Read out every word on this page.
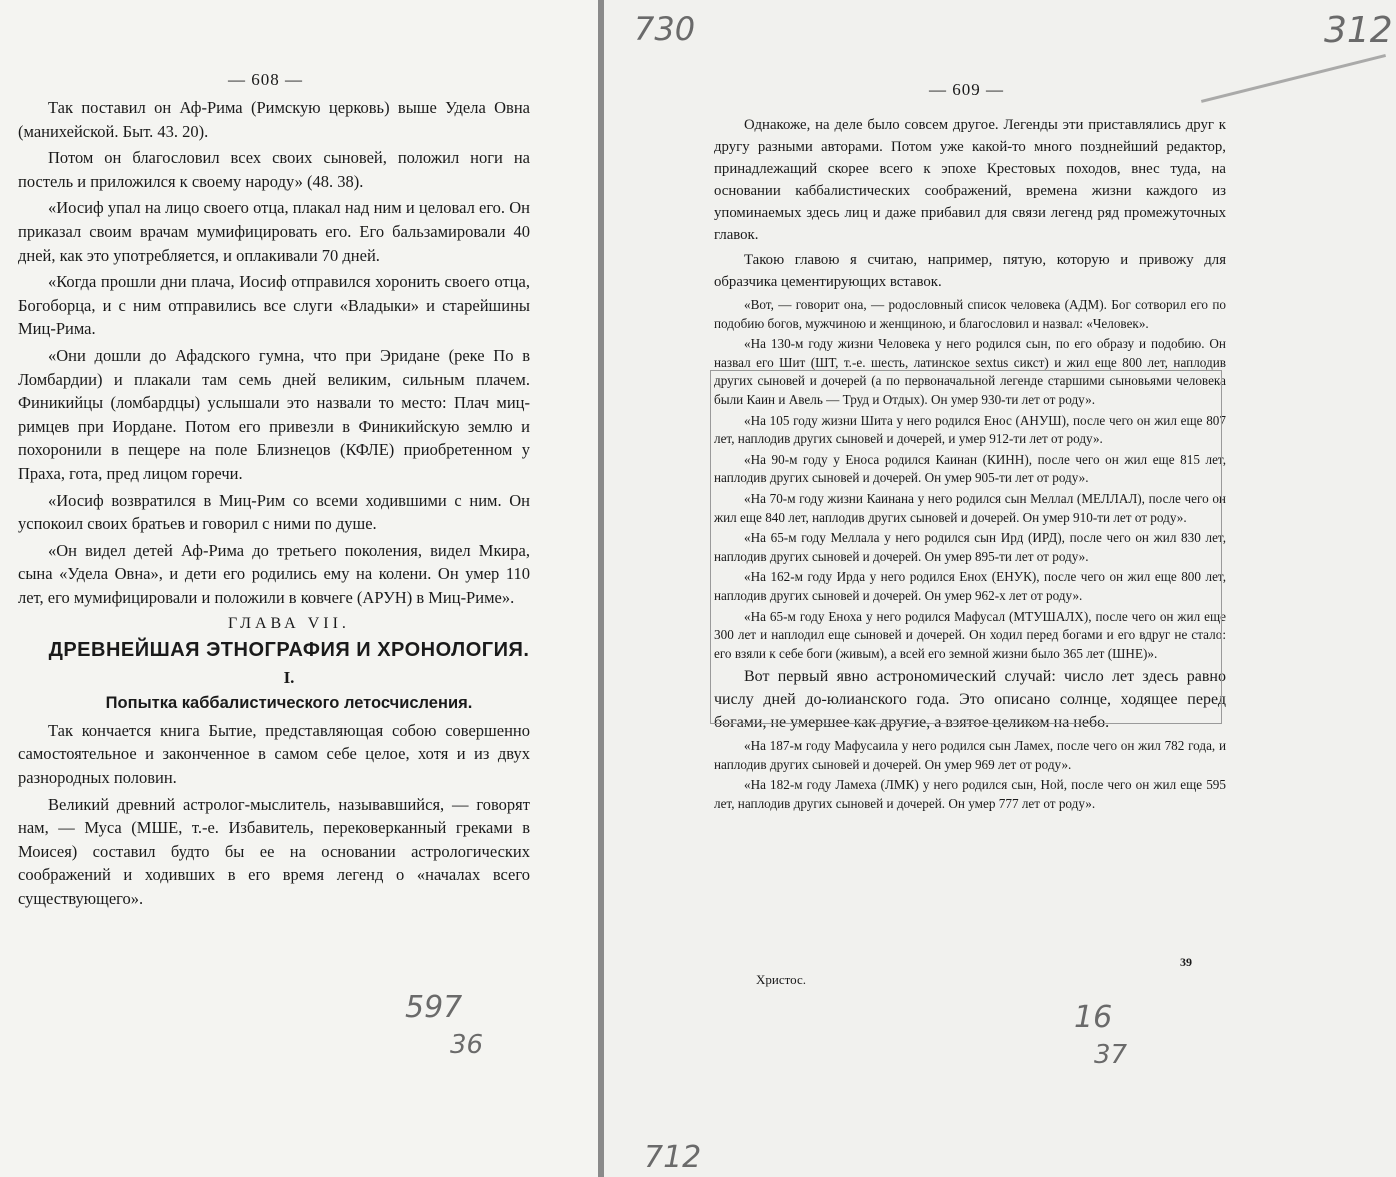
— 608 —

Так поставил он Аф-Рима (Римскую церковь) выше Удела Овна (манихейской. Быт. 43. 20).

Потом он благословил всех своих сыновей, положил ноги на постель и приложился к своему народу» (48. 38).

«Иосиф упал на лицо своего отца, плакал над ним и целовал его. Он приказал своим врачам мумифицировать его. Его бальзамировали 40 дней, как это употребляется, и оплакивали 70 дней.

«Когда прошли дни плача, Иосиф отправился хоронить своего отца, Богоборца, и с ним отправились все слуги «Владыки» и старейшины Миц-Рима.

«Они дошли до Афадского гумна, что при Эридане (реке По в Ломбардии) и плакали там семь дней великим, сильным плачем. Финикийцы (ломбардцы) услышали это назвали то место: Плач миц-римцев при Иордане. Потом его привезли в Финикийскую землю и похоронили в пещере на поле Близнецов (КФЛЕ) приобретенном у Праха, гота, пред лицом горечи.

«Иосиф возвратился в Миц-Рим со всеми ходившими с ним. Он успокоил своих братьев и говорил с ними по душе.

«Он видел детей Аф-Рима до третьего поколения, видел Мкира, сына «Удела Овна», и дети его родились ему на колени. Он умер 110 лет, его мумифицировали и положили в ковчеге (АРУН) в Миц-Риме».

ГЛАВА VII.

ДРЕВНЕЙШАЯ ЭТНОГРАФИЯ И ХРОНОЛОГИЯ.

I.

Попытка каббалистического летосчисления.

Так кончается книга Бытие, представляющая собою совершенно самостоятельное и законченное в самом себе целое, хотя и из двух разнородных половин.

Великий древний астролог-мыслитель, называвшийся, — говорят нам, — Муса (МШЕ, т.-е. Избавитель, перековерканный греками в Моисея) составил будто бы ее на основании астрологических соображений и ходивших в его время легенд о «началах всего существующего».

597
36
— 609 —
730	312

Однакоже, на деле было совсем другое. Легенды эти приставлялись друг к другу разными авторами. Потом уже какой-то много позднейший редактор, принадлежащий скорее всего к эпохе Крестовых походов, внес туда, на основании каббалистических соображений, времена жизни каждого из упоминаемых здесь лиц и даже прибавил для связи легенд ряд промежуточных главок.

Такою главою я считаю, например, пятую, которую и привожу для образчика цементирующих вставок.

«Вот, — говорит она, — родословный список человека (АДМ). Бог сотворил его по подобию богов, мужчиною и женщиною, и благословил и назвал: «Человек».

«На 130-м году жизни Человека у него родился сын, по его образу и подобию. Он назвал его Шит (ШТ, т.-е. шесть, латинское sextus сикст) и жил еще 800 лет, наплодив других сыновей и дочерей (а по первоначальной легенде старшими сыновьями человека были Каин и Авель — Труд и Отдых). Он умер 930-ти лет от роду».

«На 105 году жизни Шита у него родился Енос (АНУШ), после чего он жил еще 807 лет, наплодив других сыновей и дочерей, и умер 912-ти лет от роду».

«На 90-м году у Еноса родился Каинан (КИНН), после чего он жил еще 815 лет, наплодив других сыновей и дочерей. Он умер 905-ти лет от роду».

«На 70-м году жизни Каинана у него родился сын Меллал (МЕЛЛАЛ), после чего он жил еще 840 лет, наплодив других сыновей и дочерей. Он умер 910-ти лет от роду».

«На 65-м году Меллала у него родился сын Ирд (ИРД), после чего он жил 830 лет, наплодив других сыновей и дочерей. Он умер 895-ти лет от роду».

«На 162-м году Ирда у него родился Енох (ЕНУК), после чего он жил еще 800 лет, наплодив других сыновей и дочерей. Он умер 962-х лет от роду».

«На 65-м году Еноха у него родился Мафусал (МТУШАЛХ), после чего он жил еще 300 лет и наплодил еще сыновей и дочерей. Он ходил перед богами и его вдруг не стало: его взяли к себе боги (живым), а всей его земной жизни было 365 лет (ШНЕ)».

Вот первый явно астрономический случай: число лет здесь равно числу дней до-юлианского года. Это описано солнце, ходящее перед богами, не умершее как другие, а взятое целиком на небо.

«На 187-м году Мафусаила у него родился сын Ламех, после чего он жил 782 года, и наплодив других сыновей и дочерей. Он умер 969 лет от роду».

«На 182-м году Ламеха (ЛМК) у него родился сын, Ной, после чего он жил еще 595 лет, наплодив других сыновей и дочерей. Он умер 777 лет от роду».

16
37
712
Христос.
39
